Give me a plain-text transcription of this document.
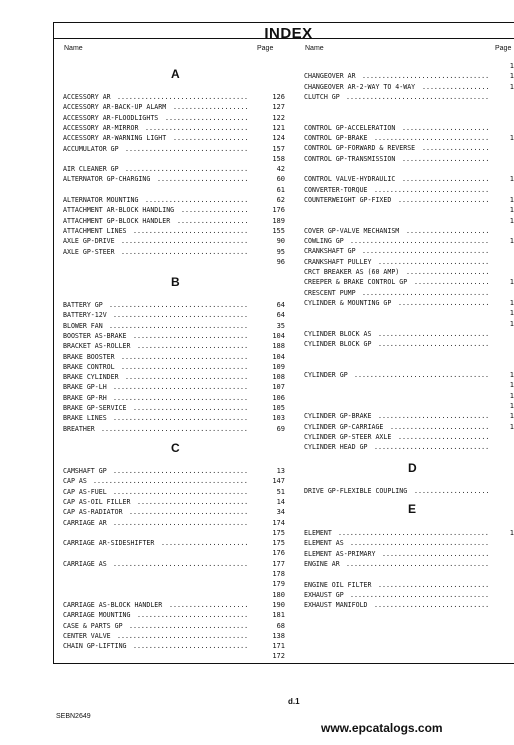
INDEX
Name	Page	Name	Page
A
ACCESSORY AR .................................	126
ACCESSORY AR-BACK-UP ALARM ...................	127
ACCESSORY AR-FLOODLIGHTS .....................	122
ACCESSORY AR-MIRROR ..........................	121
ACCESSORY AR-WARNING LIGHT ...................	124
ACCUMULATOR GP ...............................	157
158
AIR CLEANER GP ...............................	42
ALTERNATOR GP-CHARGING .......................	60
61
ALTERNATOR MOUNTING ..........................	62
ATTACHMENT AR-BLOCK HANDLING .................	176
ATTACHMENT GP-BLOCK HANDLER ..................	189
ATTACHMENT LINES .............................	155
AXLE GP-DRIVE ................................	90
AXLE GP-STEER ................................	95
96
B
BATTERY GP ...................................	64
BATTERY-12V ..................................	64
BLOWER FAN ...................................	35
BOOSTER AS-BRAKE .............................	104
BRACKET AS-ROLLER ............................	188
BRAKE BOOSTER ................................	104
BRAKE CONTROL ................................	109
BRAKE CYLINDER ...............................	108
BRAKE GP-LH ..................................	107
BRAKE GP-RH ..................................	106
BRAKE GP-SERVICE .............................	105
BRAKE LINES ..................................	103
BREATHER .....................................	69
C
CAMSHAFT GP ..................................	13
CAP AS .......................................	147
CAP AS-FUEL ..................................	51
CAP AS-OIL FILLER ............................	14
CAP AS-RADIATOR ..............................	34
CARRIAGE AR ..................................	174
175
CARRIAGE AR-SIDESHIFTER ......................	175
176
CARRIAGE AS ..................................	177
178
179
180
CARRIAGE AS-BLOCK HANDLER ....................	190
CARRIAGE MOUNTING ............................	181
CASE & PARTS GP ..............................	68
CENTER VALVE .................................	138
CHAIN GP-LIFTING .............................	171
172
1
CHANGEOVER AR ................................	1
CHANGEOVER AR-2-WAY TO 4-WAY .................	1
CLUTCH GP ....................................
CONTROL GP-ACCELERATION ......................
CONTROL GP-BRAKE .............................	1
CONTROL GP-FORWARD & REVERSE .................
CONTROL GP-TRANSMISSION ......................
CONTROL VALVE-HYDRAULIC ......................	1
CONVERTER-TORQUE .............................
COUNTERWEIGHT GP-FIXED .......................	1
1
1
COVER GP-VALVE MECHANISM .....................
COWLING GP ...................................	1
CRANKSHAFT GP ................................
CRANKSHAFT PULLEY ............................
CRCT BREAKER AS (60 AMP) .....................
CREEPER & BRAKE CONTROL GP ...................	1
CRESCENT PUMP ................................
CYLINDER & MOUNTING GP .......................	1
1
1
CYLINDER BLOCK AS ............................
CYLINDER BLOCK GP ............................
CYLINDER GP ..................................	1
1
1
1
CYLINDER GP-BRAKE ............................	1
CYLINDER GP-CARRIAGE .........................	1
CYLINDER GP-STEER AXLE .......................
CYLINDER HEAD GP .............................
D
DRIVE GP-FLEXIBLE COUPLING ...................
E
ELEMENT ......................................	1
ELEMENT AS ...................................
ELEMENT AS-PRIMARY ...........................
ENGINE AR ....................................
ENGINE OIL FILTER ............................
EXHAUST GP ...................................
EXHAUST MANIFOLD .............................
d.1
SEBN2649
www.epcatalogs.com
